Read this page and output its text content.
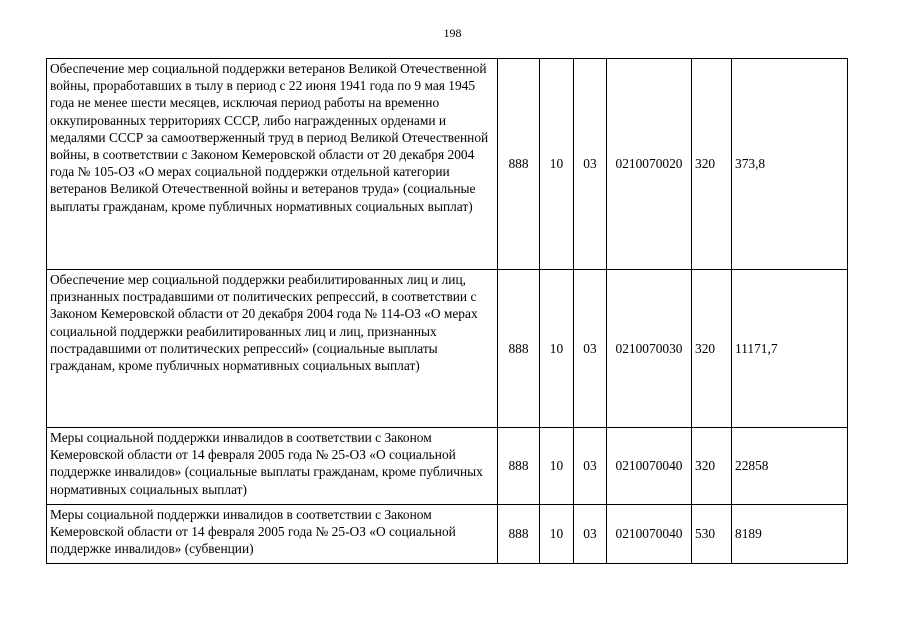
198
Обеспечение мер социальной поддержки ветеранов Великой Отечественной войны, проработавших в тылу в период с 22 июня 1941 года по 9 мая 1945 года не менее шести месяцев, исключая период работы на временно оккупированных территориях СССР, либо награжденных орденами и медалями СССР за самоотверженный труд в период Великой Отечественной войны, в соответствии с Законом Кемеровской области от 20 декабря 2004 года № 105-ОЗ «О мерах социальной поддержки отдельной категории ветеранов Великой Отечественной войны и ветеранов труда» (социальные выплаты гражданам, кроме публичных нормативных социальных выплат)	888	10	03	0210070020	320	373,8
Обеспечение мер социальной поддержки реабилитированных лиц и лиц, признанных пострадавшими от политических репрессий, в соответствии с Законом Кемеровской области от 20 декабря 2004 года № 114-ОЗ «О мерах социальной поддержки реабилитированных лиц и лиц, признанных пострадавшими от политических репрессий» (социальные выплаты гражданам, кроме публичных нормативных социальных выплат)	888	10	03	0210070030	320	11171,7
Меры социальной поддержки инвалидов в соответствии с Законом Кемеровской области от 14 февраля 2005 года № 25-ОЗ «О социальной поддержке инвалидов» (социальные выплаты гражданам, кроме публичных нормативных социальных выплат)	888	10	03	0210070040	320	22858
Меры социальной поддержки инвалидов в соответствии с Законом Кемеровской области от 14 февраля 2005 года № 25-ОЗ «О социальной поддержке инвалидов» (субвенции)	888	10	03	0210070040	530	8189
